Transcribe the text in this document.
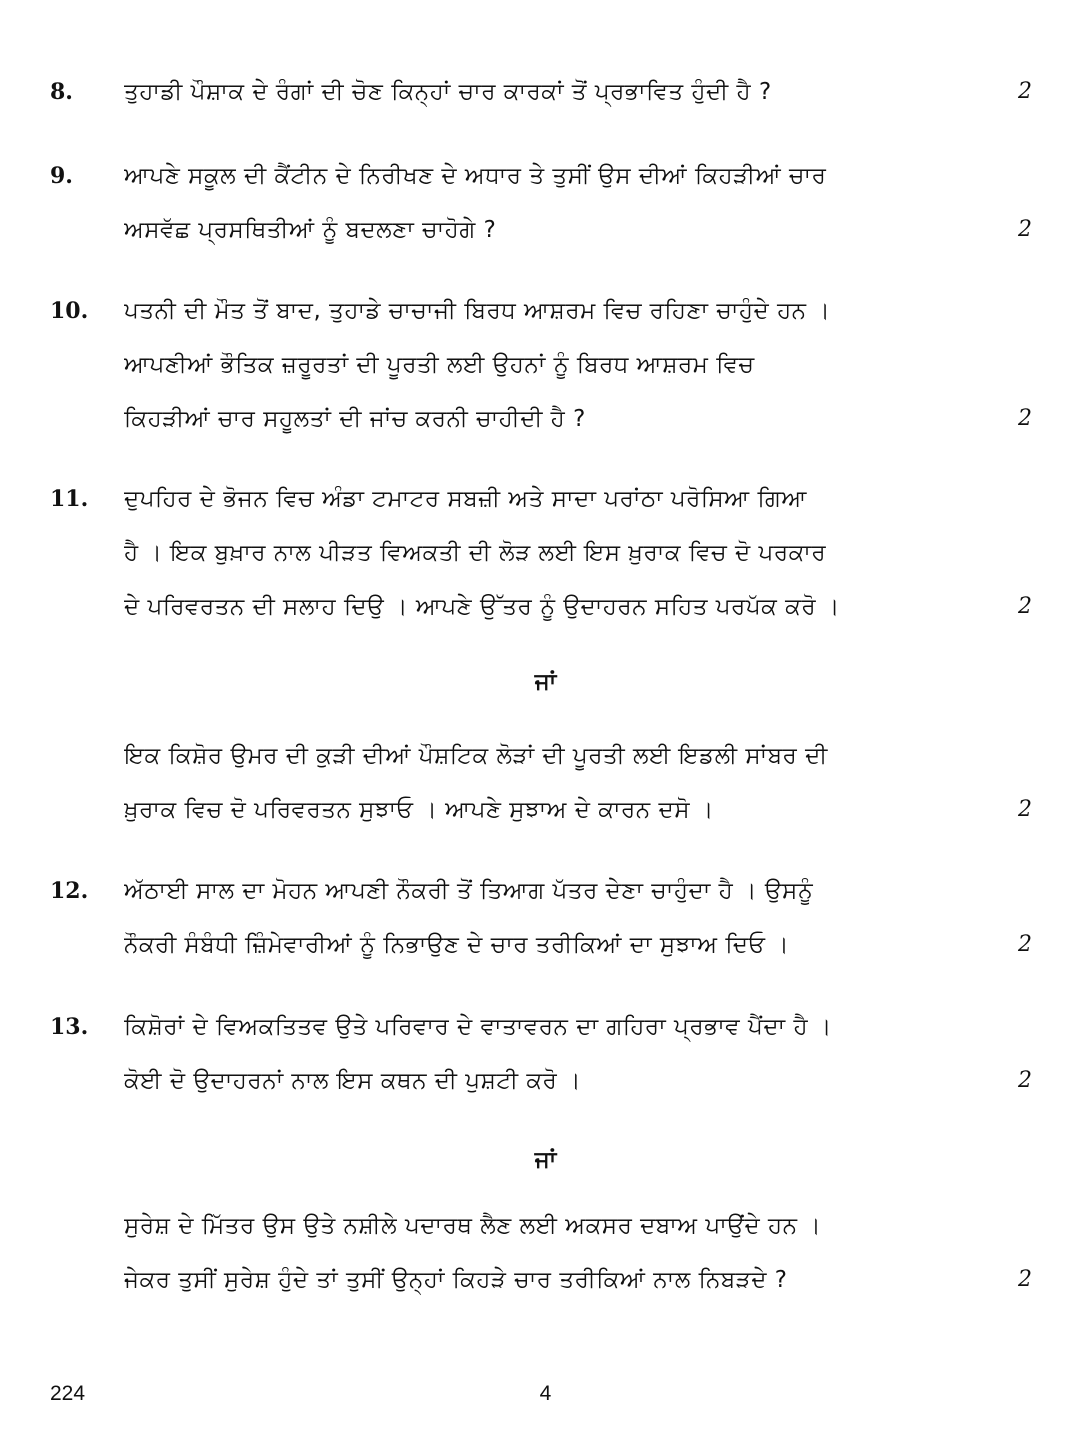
8.	ਤੁਹਾਡੀ ਪੌਸ਼ਾਕ ਦੇ ਰੰਗਾਂ ਦੀ ਚੋਣ ਕਿਨ੍ਹਾਂ ਚਾਰ ਕਾਰਕਾਂ ਤੋਂ ਪ੍ਰਭਾਵਿਤ ਹੁੰਦੀ ਹੈ ?	2
9.	ਆਪਣੇ ਸਕੂਲ ਦੀ ਕੈਂਟੀਨ ਦੇ ਨਿਰੀਖਣ ਦੇ ਅਧਾਰ ਤੇ ਤੁਸੀਂ ਉਸ ਦੀਆਂ ਕਿਹੜੀਆਂ ਚਾਰ
ਅਸਵੱਛ ਪ੍ਰਸਥਿਤੀਆਂ ਨੂੰ ਬਦਲਣਾ ਚਾਹੋਗੇ ?	2
10.	ਪਤਨੀ ਦੀ ਮੌਤ ਤੋਂ ਬਾਦ, ਤੁਹਾਡੇ ਚਾਚਾਜੀ ਬਿਰਧ ਆਸ਼ਰਮ ਵਿਚ ਰਹਿਣਾ ਚਾਹੁੰਦੇ ਹਨ ।
ਆਪਣੀਆਂ ਭੌਤਿਕ ਜ਼ਰੂਰਤਾਂ ਦੀ ਪੂਰਤੀ ਲਈ ਉਹਨਾਂ ਨੂੰ ਬਿਰਧ ਆਸ਼ਰਮ ਵਿਚ
ਕਿਹੜੀਆਂ ਚਾਰ ਸਹੂਲਤਾਂ ਦੀ ਜਾਂਚ ਕਰਨੀ ਚਾਹੀਦੀ ਹੈ ?	2
11.	ਦੁਪਹਿਰ ਦੇ ਭੋਜਨ ਵਿਚ ਅੰਡਾ ਟਮਾਟਰ ਸਬਜ਼ੀ ਅਤੇ ਸਾਦਾ ਪਰਾਂਠਾ ਪਰੋਸਿਆ ਗਿਆ
ਹੈ । ਇਕ ਬੁਖ਼ਾਰ ਨਾਲ ਪੀੜਤ ਵਿਅਕਤੀ ਦੀ ਲੋੜ ਲਈ ਇਸ ਖ਼ੁਰਾਕ ਵਿਚ ਦੋ ਪਰਕਾਰ
ਦੇ ਪਰਿਵਰਤਨ ਦੀ ਸਲਾਹ ਦਿਉ । ਆਪਣੇ ਉੱਤਰ ਨੂੰ ਉਦਾਹਰਨ ਸਹਿਤ ਪਰਪੱਕ ਕਰੋ ।	2
ਜਾਂ
ਇਕ ਕਿਸ਼ੋਰ ਉਮਰ ਦੀ ਕੁੜੀ ਦੀਆਂ ਪੌਸ਼ਟਿਕ ਲੋੜਾਂ ਦੀ ਪੂਰਤੀ ਲਈ ਇਡਲੀ ਸਾਂਬਰ ਦੀ
ਖ਼ੁਰਾਕ ਵਿਚ ਦੋ ਪਰਿਵਰਤਨ ਸੁਝਾਓ । ਆਪਣੇ ਸੁਝਾਅ ਦੇ ਕਾਰਨ ਦਸੋ ।	2
12.	ਅੱਠਾਈ ਸਾਲ ਦਾ ਮੋਹਨ ਆਪਣੀ ਨੌਕਰੀ ਤੋਂ ਤਿਆਗ ਪੱਤਰ ਦੇਣਾ ਚਾਹੁੰਦਾ ਹੈ । ਉਸਨੂੰ
ਨੌਕਰੀ ਸੰਬੰਧੀ ਜ਼ਿੰਮੇਵਾਰੀਆਂ ਨੂੰ ਨਿਭਾਉਣ ਦੇ ਚਾਰ ਤਰੀਕਿਆਂ ਦਾ ਸੁਝਾਅ ਦਿਓ ।	2
13.	ਕਿਸ਼ੋਰਾਂ ਦੇ ਵਿਅਕਤਿਤਵ ਉਤੇ ਪਰਿਵਾਰ ਦੇ ਵਾਤਾਵਰਨ ਦਾ ਗਹਿਰਾ ਪ੍ਰਭਾਵ ਪੈਂਦਾ ਹੈ ।
ਕੋਈ ਦੋ ਉਦਾਹਰਨਾਂ ਨਾਲ ਇਸ ਕਥਨ ਦੀ ਪੁਸ਼ਟੀ ਕਰੋ ।	2
ਜਾਂ
ਸੁਰੇਸ਼ ਦੇ ਮਿੱਤਰ ਉਸ ਉਤੇ ਨਸ਼ੀਲੇ ਪਦਾਰਥ ਲੈਣ ਲਈ ਅਕਸਰ ਦਬਾਅ ਪਾਉਂਦੇ ਹਨ ।
ਜੇਕਰ ਤੁਸੀਂ ਸੁਰੇਸ਼ ਹੁੰਦੇ ਤਾਂ ਤੁਸੀਂ ਉਨ੍ਹਾਂ ਕਿਹੜੇ ਚਾਰ ਤਰੀਕਿਆਂ ਨਾਲ ਨਿਬੜਦੇ ?	2
224	4
